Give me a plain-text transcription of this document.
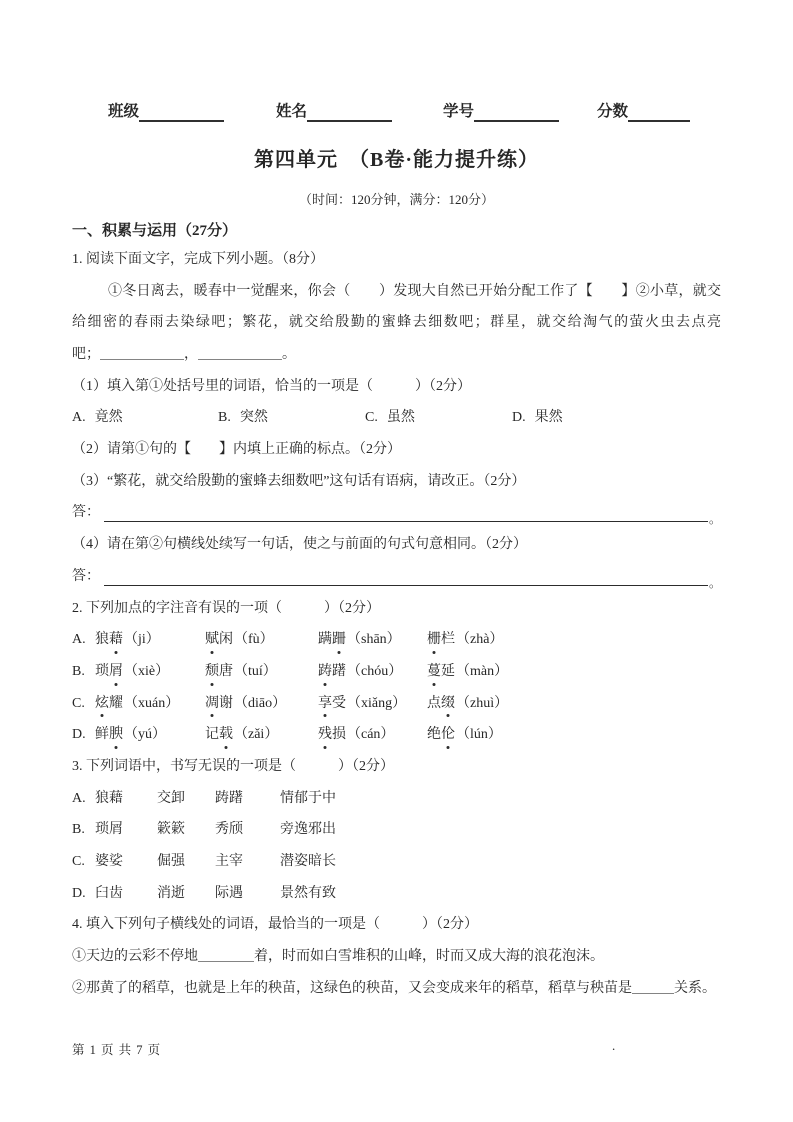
班级	姓名	学号	分数
第四单元　（B卷·能力提升练）
（时间：120分钟，满分：120分）
一、积累与运用（27分）
1. 阅读下面文字，完成下列小题。（8分）
①冬日离去，暖春中一觉醒来，你会（　　）发现大自然已开始分配工作了【　　】②小草，就交
给细密的春雨去染绿吧；繁花，就交给殷勤的蜜蜂去细数吧；群星，就交给淘气的萤火虫去点亮
吧；＿＿＿＿＿＿，＿＿＿＿＿＿。
（1）填入第①处括号里的词语，恰当的一项是（　　　）（2分）
A. 竟然	B. 突然	C. 虽然	D. 果然
（2）请第①句的【　　】内填上正确的标点。（2分）
（3）“繁花，就交给殷勤的蜜蜂去细数吧”这句话有语病，请改正。（2分）
答：	。
（4）请在第②句横线处续写一句话，使之与前面的句式句意相同。（2分）
答：	。
2. 下列加点的字注音有误的一项（　　　）（2分）
A. 狼藉（ji）	赋闲（fù）	蹒跚（shān）	栅栏（zhà）
B. 琐屑（xiè）	颓唐（tuí）	踌躇（chóu）	蔓延（màn）
C. 炫耀（xuán）	凋谢（diāo）	享受（xiǎng）	点缀（zhuì）
D. 鲜腴（yú）	记载（zǎi）	残损（cán）	绝伦（lún）
3. 下列词语中，书写无误的一项是（　　　）（2分）
A. 狼藉	交卸	踌躇	情郁于中
B. 琐屑	簌簌	秀颀	旁逸邪出
C. 婆娑	倔强	主宰	潜姿暗长
D. 臼齿	消逝	际遇	景然有致
4. 填入下列句子横线处的词语，最恰当的一项是（　　　）（2分）
①天边的云彩不停地＿＿＿＿着，时而如白雪堆积的山峰，时而又成大海的浪花泡沫。
②那黄了的稻草，也就是上年的秧苗，这绿色的秧苗，又会变成来年的稻草，稻草与秧苗是＿＿＿关系。
第 1 页 共 7 页	.
